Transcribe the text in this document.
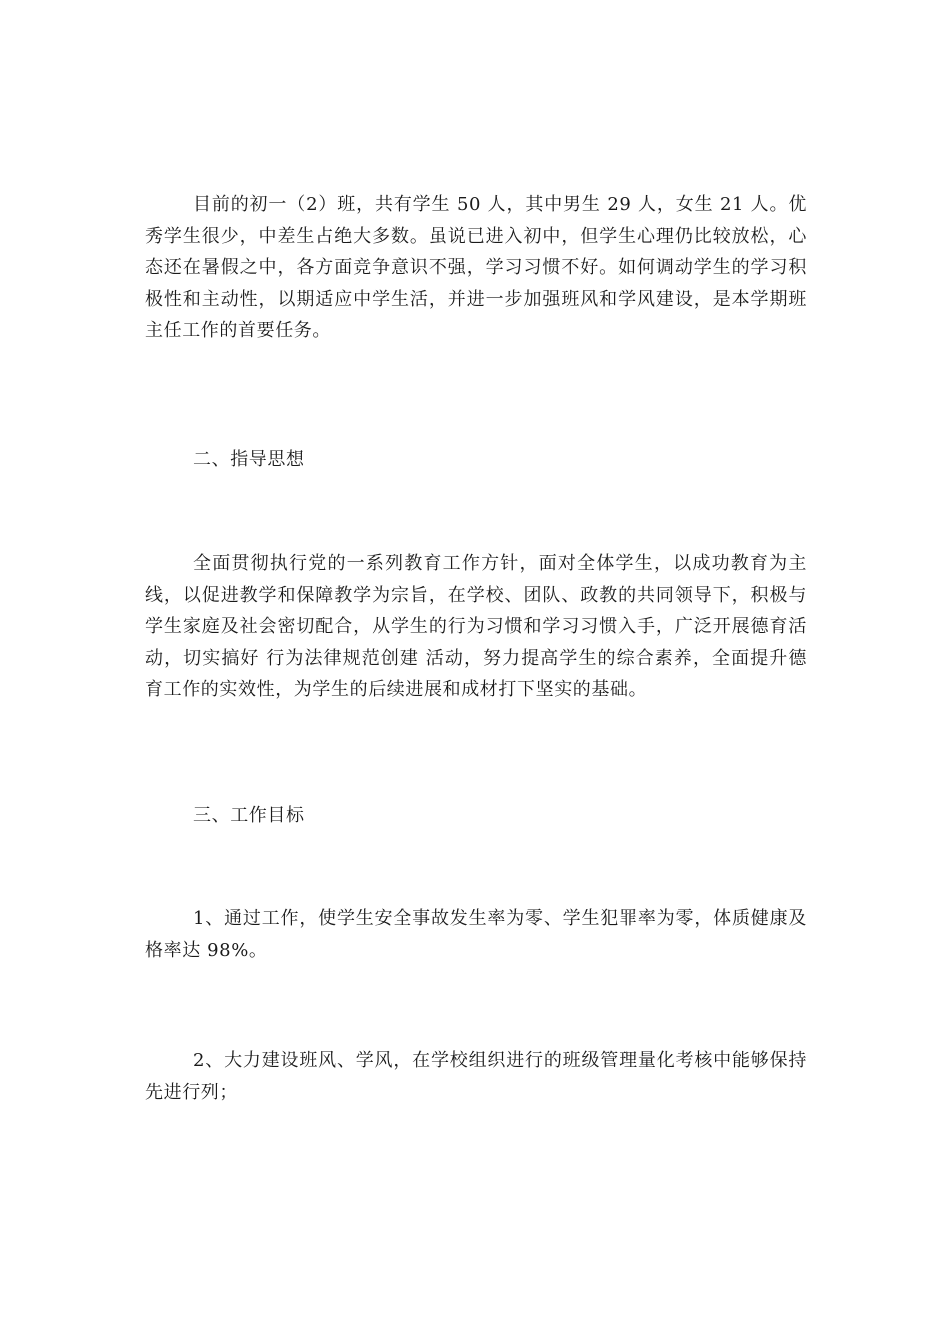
目前的初一（2）班，共有学生 50 人，其中男生 29 人，女生 21 人。优秀学生很少，中差生占绝大多数。虽说已进入初中，但学生心理仍比较放松，心态还在暑假之中，各方面竞争意识不强，学习习惯不好。如何调动学生的学习积极性和主动性，以期适应中学生活，并进一步加强班风和学风建设，是本学期班主任工作的首要任务。

二、指导思想

全面贯彻执行党的一系列教育工作方针，面对全体学生，以成功教育为主线，以促进教学和保障教学为宗旨，在学校、团队、政教的共同领导下，积极与学生家庭及社会密切配合，从学生的行为习惯和学习习惯入手，广泛开展德育活动，切实搞好 行为法律规范创建 活动，努力提高学生的综合素养，全面提升德育工作的实效性，为学生的后续进展和成材打下坚实的基础。

三、工作目标

1、通过工作，使学生安全事故发生率为零、学生犯罪率为零，体质健康及格率达 98%。

2、大力建设班风、学风，在学校组织进行的班级管理量化考核中能够保持先进行列；
